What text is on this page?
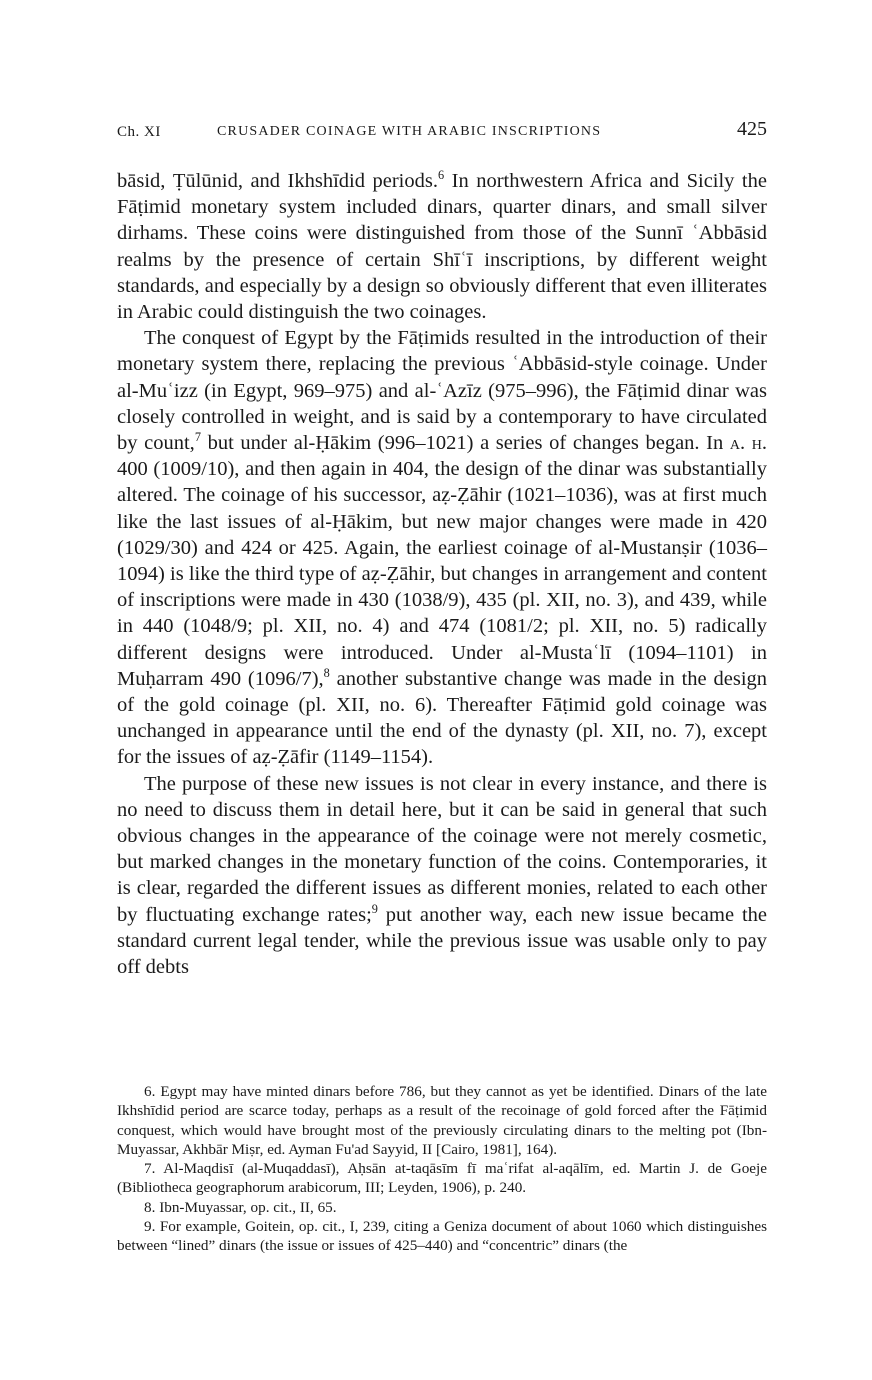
Ch. XI	CRUSADER COINAGE WITH ARABIC INSCRIPTIONS	425

bāsid, Ṭūlūnid, and Ikhshīdid periods.$^6$ In northwestern Africa and Sicily the Fāṭimid monetary system included dinars, quarter dinars, and small silver dirhams. These coins were distinguished from those of the Sunnī ʿAbbāsid realms by the presence of certain Shīʿī inscriptions, by different weight standards, and especially by a design so obviously different that even illiterates in Arabic could distinguish the two coinages.

The conquest of Egypt by the Fāṭimids resulted in the introduction of their monetary system there, replacing the previous ʿAbbāsid-style coinage. Under al-Muʿizz (in Egypt, 969–975) and al-ʿAzīz (975–996), the Fāṭimid dinar was closely controlled in weight, and is said by a contemporary to have circulated by count,$^7$ but under al-Ḥākim (996–1021) a series of changes began. In a. h. 400 (1009/10), and then again in 404, the design of the dinar was substantially altered. The coinage of his successor, aẓ-Ẓāhir (1021–1036), was at first much like the last issues of al-Ḥākim, but new major changes were made in 420 (1029/30) and 424 or 425. Again, the earliest coinage of al-Mustanṣir (1036–1094) is like the third type of aẓ-Ẓāhir, but changes in arrangement and content of inscriptions were made in 430 (1038/9), 435 (pl. XII, no. 3), and 439, while in 440 (1048/9; pl. XII, no. 4) and 474 (1081/2; pl. XII, no. 5) radically different designs were introduced. Under al-Mustaʿlī (1094–1101) in Muḥarram 490 (1096/7),$^8$ another substantive change was made in the design of the gold coinage (pl. XII, no. 6). Thereafter Fāṭimid gold coinage was unchanged in appearance until the end of the dynasty (pl. XII, no. 7), except for the issues of aẓ-Ẓāfir (1149–1154).

The purpose of these new issues is not clear in every instance, and there is no need to discuss them in detail here, but it can be said in general that such obvious changes in the appearance of the coinage were not merely cosmetic, but marked changes in the monetary function of the coins. Contemporaries, it is clear, regarded the different issues as different monies, related to each other by fluctuating exchange rates;$^9$ put another way, each new issue became the standard current legal tender, while the previous issue was usable only to pay off debts

6. Egypt may have minted dinars before 786, but they cannot as yet be identified. Dinars of the late Ikhshīdid period are scarce today, perhaps as a result of the recoinage of gold forced after the Fāṭimid conquest, which would have brought most of the previously circulating dinars to the melting pot (Ibn-Muyassar, Akhbār Miṣr, ed. Ayman Fu'ad Sayyid, II [Cairo, 1981], 164).

7. Al-Maqdisī (al-Muqaddasī), Aḥsān at-taqāsīm fī maʿrifat al-aqālīm, ed. Martin J. de Goeje (Bibliotheca geographorum arabicorum, III; Leyden, 1906), p. 240.

8. Ibn-Muyassar, op. cit., II, 65.

9. For example, Goitein, op. cit., I, 239, citing a Geniza document of about 1060 which distinguishes between “lined” dinars (the issue or issues of 425–440) and “concentric” dinars (the
